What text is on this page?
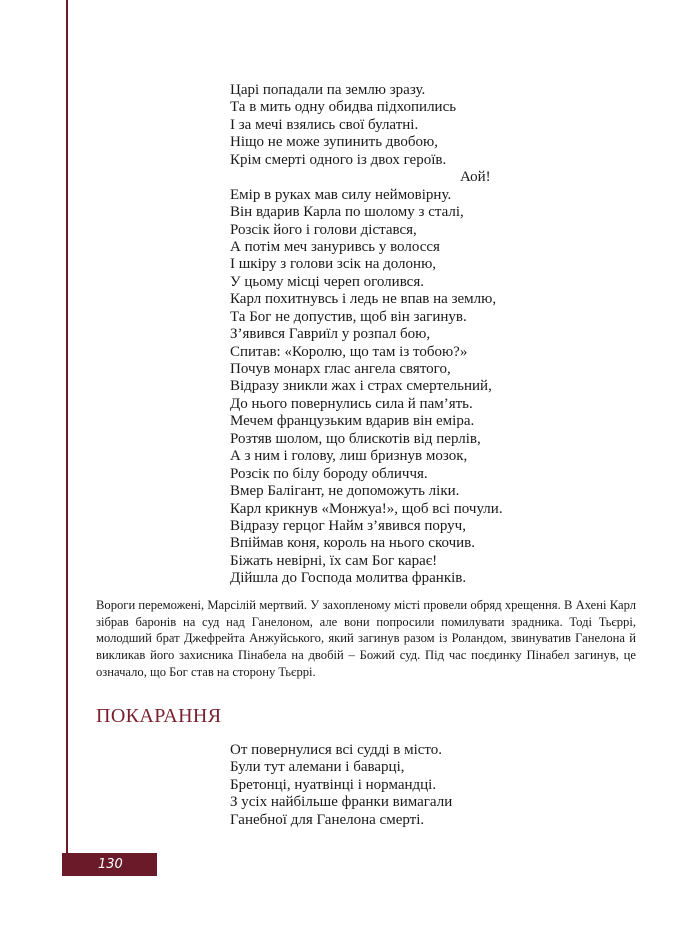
Царі попадали па землю зразу.
Та в мить одну обидва підхопились
І за мечі взялись свої булатні.
Ніщо не може зупинить двобою,
Крім смерті одного із двох героїв.
Аой!
Емір в руках мав силу неймовірну.
Він вдарив Карла по шолому з сталі,
Розсік його і голови дістався,
А потім меч зануривсь у волосся
І шкіру з голови зсік на долоню,
У цьому місці череп оголився.
Карл похитнувсь і ледь не впав на землю,
Та Бог не допустив, щоб він загинув.
З’явився Гавриїл у розпал бою,
Спитав: «Королю, що там із тобою?»
Почув монарх глас ангела святого,
Відразу зникли жах і страх смертельний,
До нього повернулись сила й пам’ять.
Мечем французьким вдарив він еміра.
Розтяв шолом, що блискотів від перлів,
А з ним і голову, лиш бризнув мозок,
Розсік по білу бороду обличчя.
Вмер Балігант, не допоможуть ліки.
Карл крикнув «Монжуа!», щоб всі почули.
Відразу герцог Найм з’явився поруч,
Впіймав коня, король на нього скочив.
Біжать невірні, їх сам Бог карає!
Дійшла до Господа молитва франків.

Вороги переможені, Марсілій мертвий. У захопленому місті провели обряд хрещення. В Ахені Карл зібрав баронів на суд над Ганелоном, але вони попросили помилувати зрадника. Тоді Тьєррі, молодший брат Джефрейта Анжуйського, який загинув разом із Роландом, звинуватив Ганелона й викликав його захисника Пінабела на двобій – Божий суд. Під час поєдинку Пінабел загинув, це означало, що Бог став на сторону Тьєррі.

ПОКАРАННЯ
От повернулися всі судді в місто.
Були тут алемани і баварці,
Бретонці, нуатвінці і нормандці.
З усіх найбільше франки вимагали
Ганебної для Ганелона смерті.
130
